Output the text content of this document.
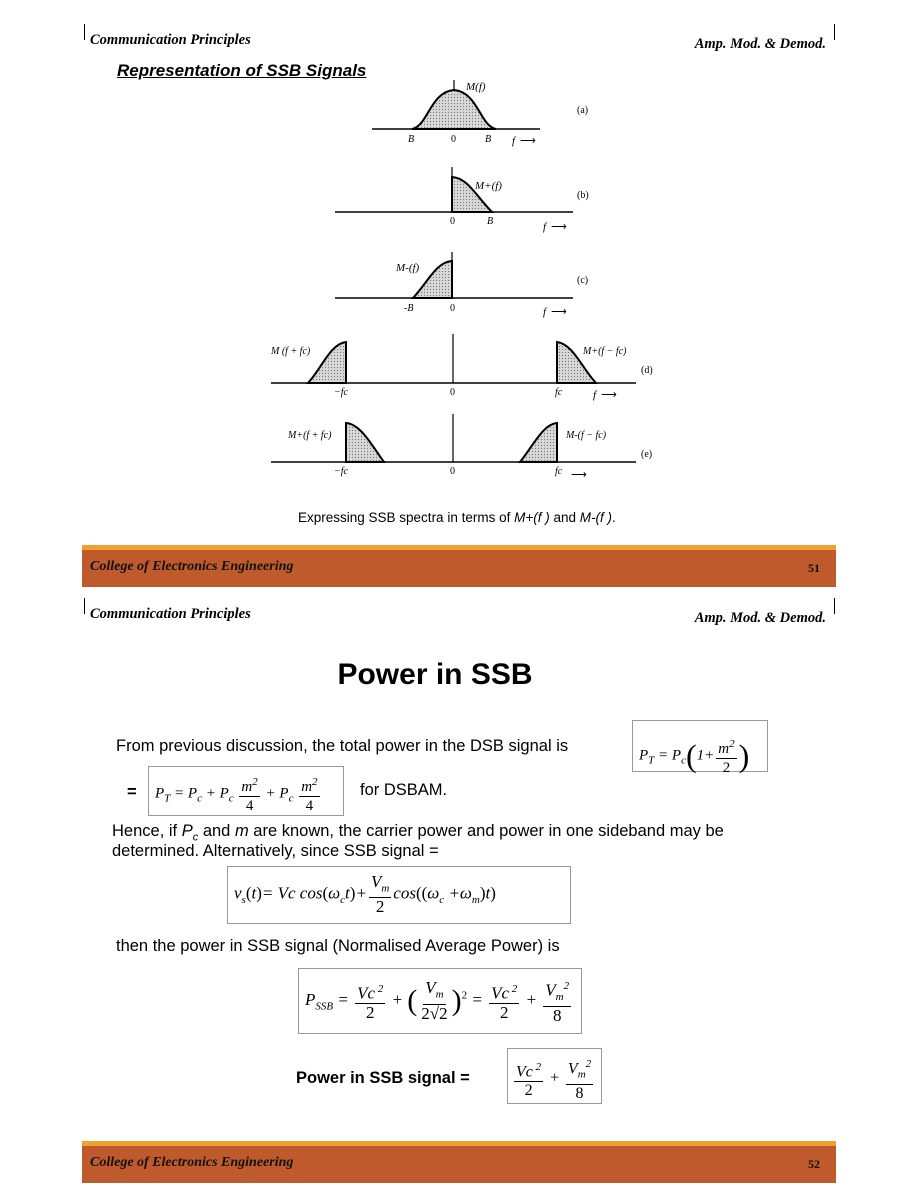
Communication Principles	Amp. Mod. & Demod.
Representation of SSB Signals
M(f)
B	0	B f ⟶
(a)
M+(f)
0	B	f ⟶
(b)
M-(f)
-B	0	f ⟶
(c)
M (f + fc)	M+(f − fc)
−fc	0	fc	f ⟶
(d)
M+(f + fc)	M-(f − fc)
−fc	0	fc ⟶
(e)
Expressing SSB spectra in terms of M+(f ) and M-(f ).
College of Electronics Engineering	51
Communication Principles	Amp. Mod. & Demod.
Power in SSB
From previous discussion, the total power in the DSB signal is
$P_T = P_c(1+ \frac{m^2}{2}$ )
= $P_T = P_c + P_c \frac{m^2}{4} + P_c \frac{m^2}{4}$ for DSBAM.
Hence, if $P_c$ and m are known, the carrier power and power in one sideband may be
determined. Alternatively, since SSB signal =
$v_s(t)= Vc$ $\cos(\omega_ct)+ \frac{V_m}{2} \cos((\omega_c +\omega_m)t)$
then the power in SSB signal (Normalised Average Power) is
$P_{SSB} = \frac{Vc ^2}{2}$ + ( $\frac{V_m}{2√2} )^2 = \frac{Vc ^2}{2} + \frac{V_m^2}{8}$
Power in SSB signal =	$\frac{Vc ^2}{2} + \frac{V_m^2}{8}$
College of Electronics Engineering	52
